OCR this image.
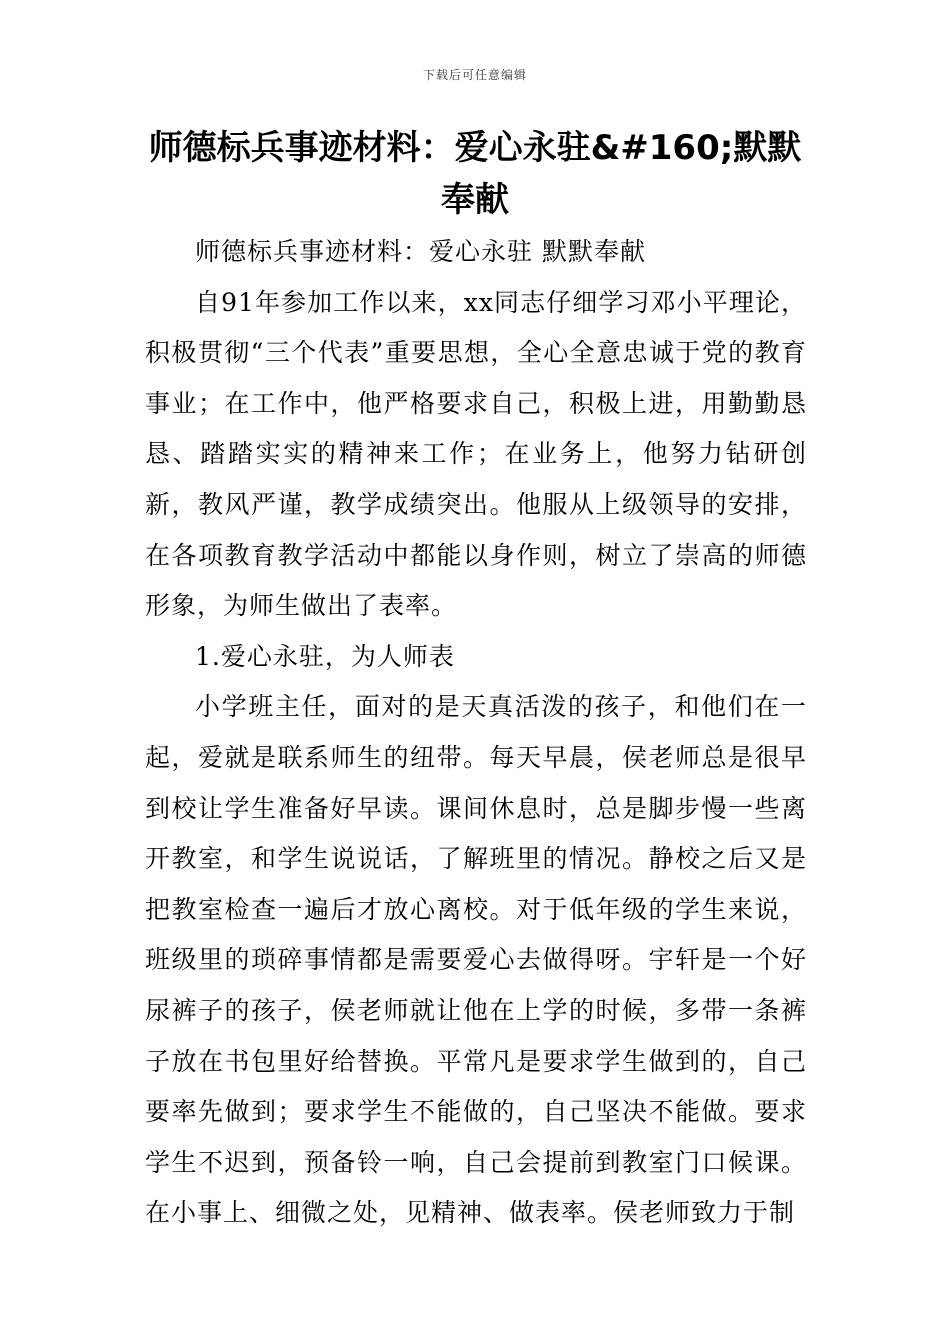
下载后可任意编辑
师德标兵事迹材料：爱心永驻&#160;默默奉献

师德标兵事迹材料：爱心永驻 默默奉献

自91年参加工作以来，xx同志仔细学习邓小平理论，积极贯彻“三个代表”重要思想，全心全意忠诚于党的教育事业；在工作中，他严格要求自己，积极上进，用勤勤恳恳、踏踏实实的精神来工作；在业务上，他努力钻研创新，教风严谨，教学成绩突出。他服从上级领导的安排，在各项教育教学活动中都能以身作则，树立了崇高的师德形象，为师生做出了表率。

1.爱心永驻，为人师表

小学班主任，面对的是天真活泼的孩子，和他们在一起，爱就是联系师生的纽带。每天早晨，侯老师总是很早到校让学生准备好早读。课间休息时，总是脚步慢一些离开教室，和学生说说话，了解班里的情况。静校之后又是把教室检查一遍后才放心离校。对于低年级的学生来说，班级里的琐碎事情都是需要爱心去做得呀。宇轩是一个好尿裤子的孩子，侯老师就让他在上学的时候，多带一条裤子放在书包里好给替换。平常凡是要求学生做到的，自己要率先做到；要求学生不能做的，自己坚决不能做。要求学生不迟到，预备铃一响，自己会提前到教室门口候课。在小事上、细微之处，见精神、做表率。侯老师致力于制
